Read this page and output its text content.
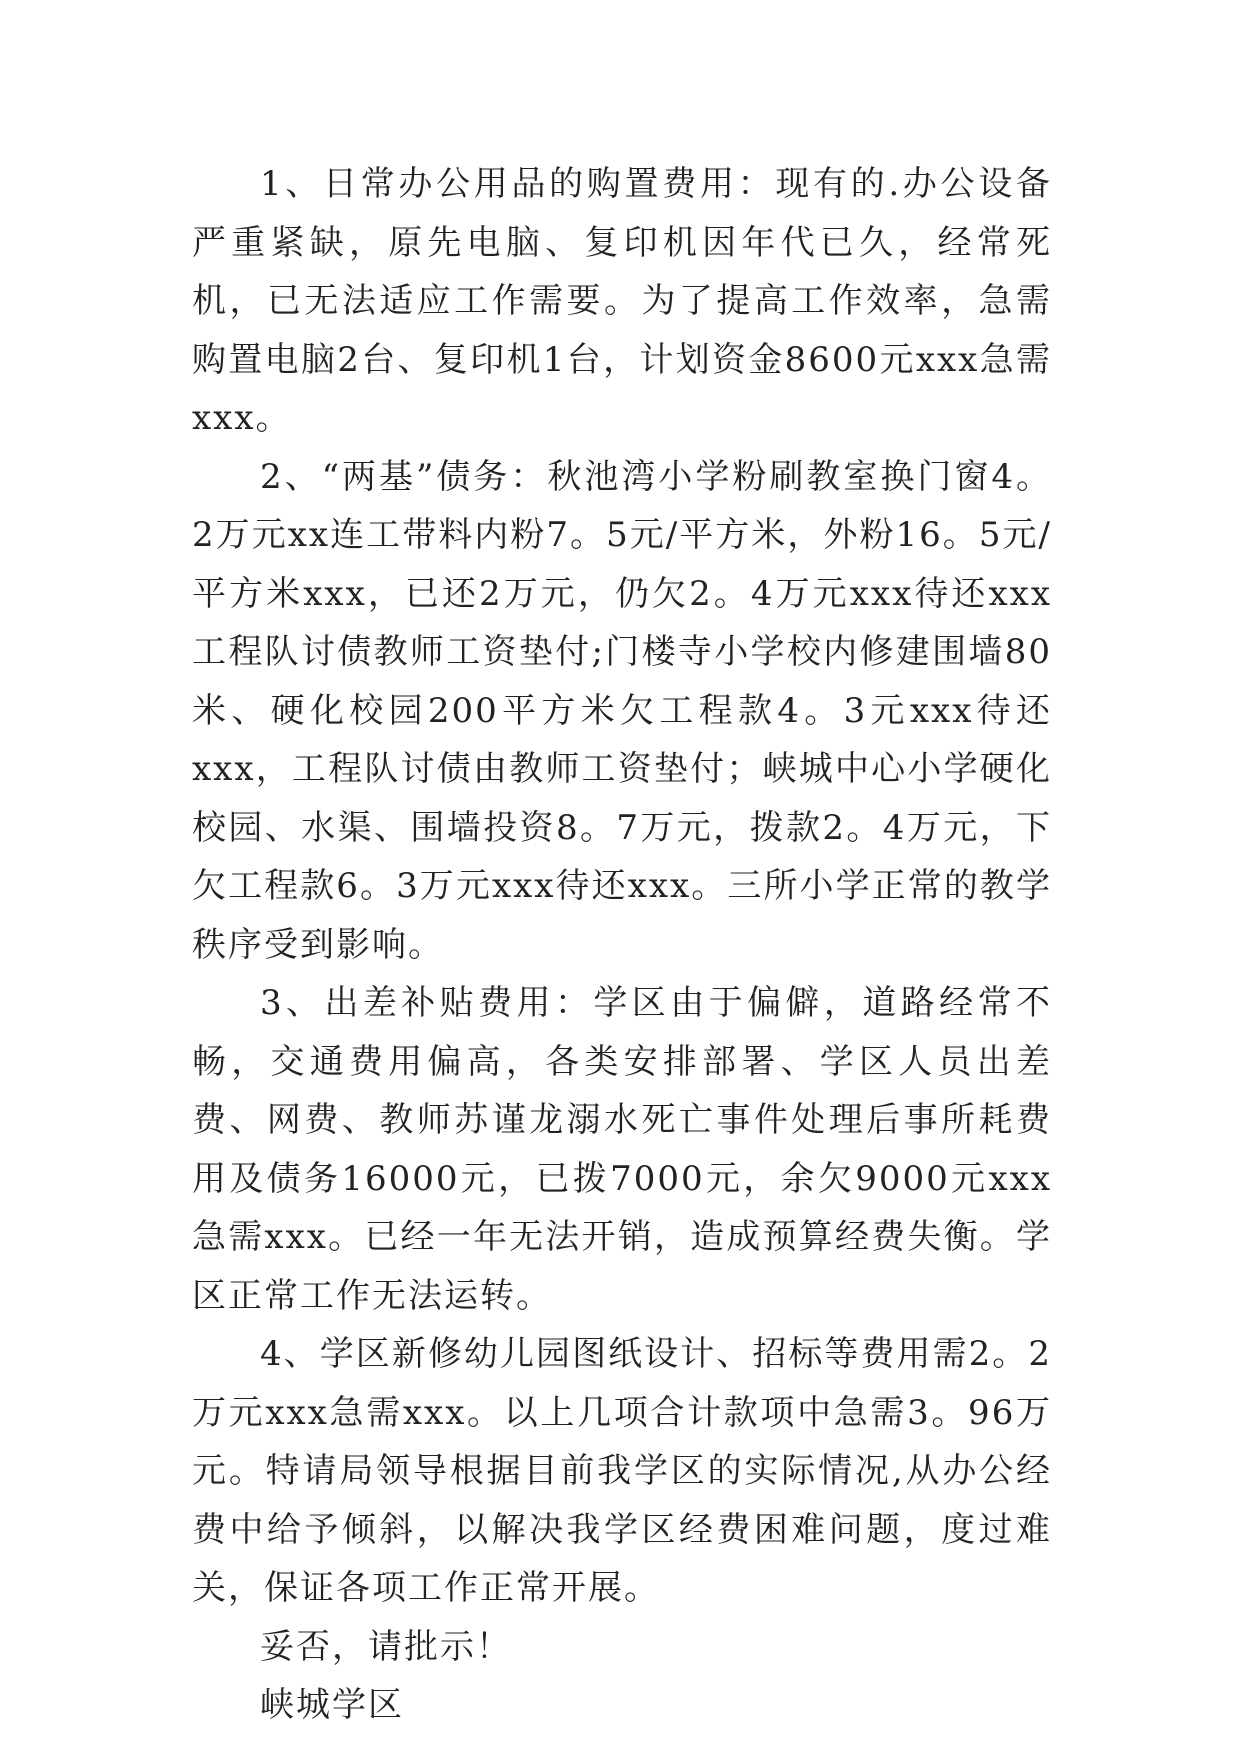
1、日常办公用品的购置费用：现有的.办公设备严重紧缺，原先电脑、复印机因年代已久，经常死机，已无法适应工作需要。为了提高工作效率，急需购置电脑2台、复印机1台，计划资金8600元xxx急需xxx。

2、“两基”债务：秋池湾小学粉刷教室换门窗4。2万元xx连工带料内粉7。5元/平方米，外粉16。5元/平方米xxx，已还2万元，仍欠2。4万元xxx待还xxx工程队讨债教师工资垫付;门楼寺小学校内修建围墙80米、硬化校园200平方米欠工程款4。3元xxx待还xxx，工程队讨债由教师工资垫付；峡城中心小学硬化校园、水渠、围墙投资8。7万元，拨款2。4万元，下欠工程款6。3万元xxx待还xxx。三所小学正常的教学秩序受到影响。

3、出差补贴费用：学区由于偏僻，道路经常不畅，交通费用偏高，各类安排部署、学区人员出差费、网费、教师苏谨龙溺水死亡事件处理后事所耗费用及债务16000元，已拨7000元，余欠9000元xxx急需xxx。已经一年无法开销，造成预算经费失衡。学区正常工作无法运转。

4、学区新修幼儿园图纸设计、招标等费用需2。2万元xxx急需xxx。以上几项合计款项中急需3。96万元。特请局领导根据目前我学区的实际情况,从办公经费中给予倾斜，以解决我学区经费困难问题，度过难关，保证各项工作正常开展。

妥否，请批示！

峡城学区
